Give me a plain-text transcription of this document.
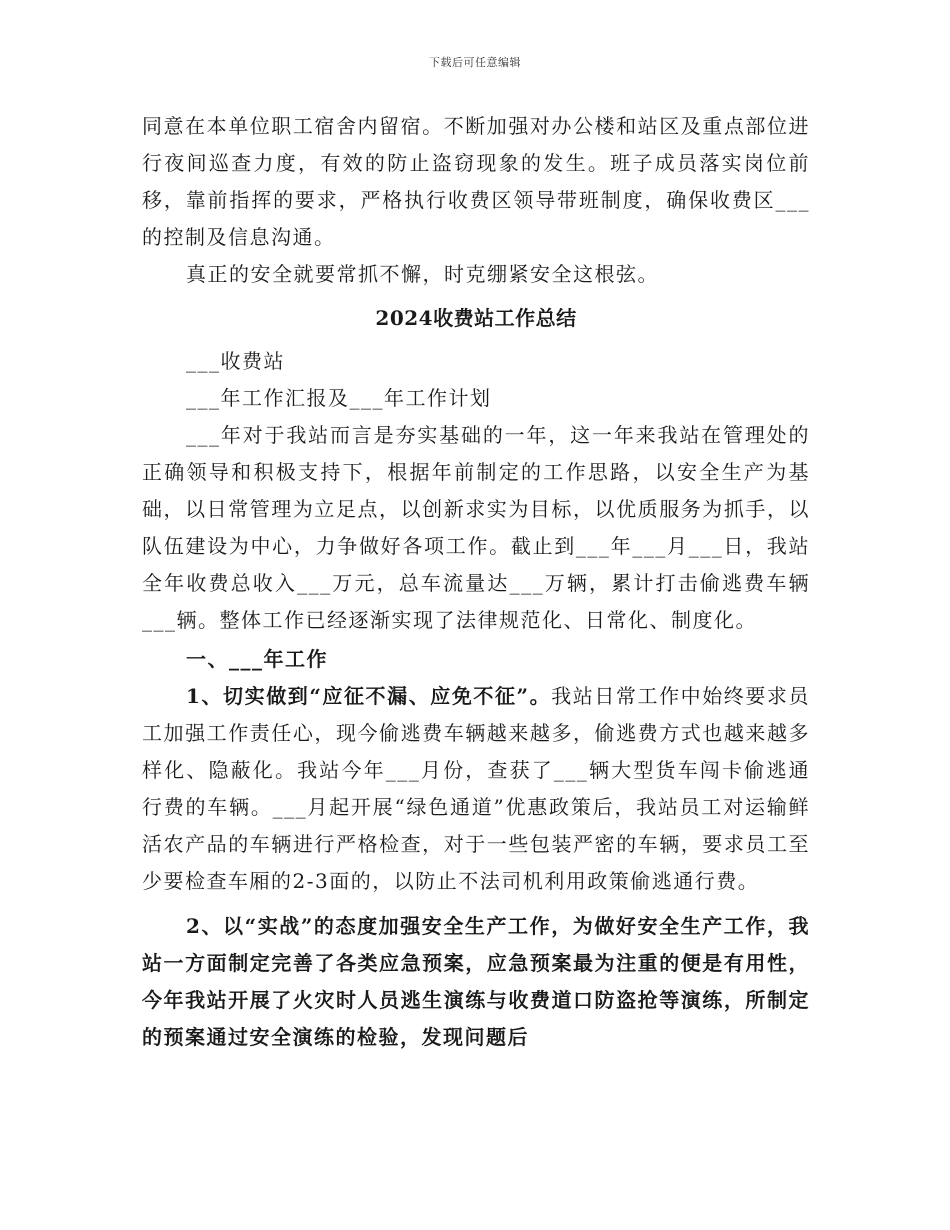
下载后可任意编辑

同意在本单位职工宿舍内留宿。不断加强对办公楼和站区及重点部位进行夜间巡查力度，有效的防止盗窃现象的发生。班子成员落实岗位前移，靠前指挥的要求，严格执行收费区领导带班制度，确保收费区___的控制及信息沟通。

真正的安全就要常抓不懈，时克绷紧安全这根弦。

2024收费站工作总结

___收费站

___年工作汇报及___年工作计划

___年对于我站而言是夯实基础的一年，这一年来我站在管理处的正确领导和积极支持下，根据年前制定的工作思路，以安全生产为基础，以日常管理为立足点，以创新求实为目标，以优质服务为抓手，以队伍建设为中心，力争做好各项工作。截止到___年___月___日，我站全年收费总收入___万元，总车流量达___万辆，累计打击偷逃费车辆___辆。整体工作已经逐渐实现了法律规范化、日常化、制度化。

一、___年工作

1、切实做到“应征不漏、应免不征”。我站日常工作中始终要求员工加强工作责任心，现今偷逃费车辆越来越多，偷逃费方式也越来越多样化、隐蔽化。我站今年___月份，查获了___辆大型货车闯卡偷逃通行费的车辆。___月起开展“绿色通道”优惠政策后，我站员工对运输鲜活农产品的车辆进行严格检查，对于一些包装严密的车辆，要求员工至少要检查车厢的2-3面的，以防止不法司机利用政策偷逃通行费。

2、以“实战”的态度加强安全生产工作，为做好安全生产工作，我站一方面制定完善了各类应急预案，应急预案最为注重的便是有用性，今年我站开展了火灾时人员逃生演练与收费道口防盗抢等演练，所制定的预案通过安全演练的检验，发现问题后
